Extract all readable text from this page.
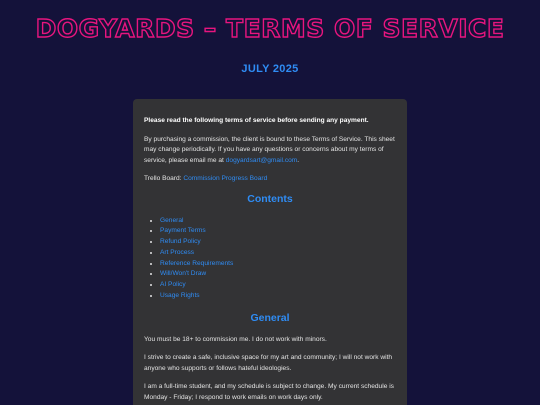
DOGYARDS – TERMS OF SERVICE
JULY 2025

Please read the following terms of service before sending any payment.

By purchasing a commission, the client is bound to these Terms of Service. This sheet may change periodically. If you have any questions or concerns about my terms of service, please email me at dogyardsart@gmail.com.

Trello Board: Commission Progress Board

Contents
• General
• Payment Terms
• Refund Policy
• Art Process
• Reference Requirements
• Will/Won't Draw
• AI Policy
• Usage Rights
General

You must be 18+ to commission me. I do not work with minors.

I strive to create a safe, inclusive space for my art and community; I will not work with anyone who supports or follows hateful ideologies.

I am a full-time student, and my schedule is subject to change. My current schedule is Monday - Friday; I respond to work emails on work days only.
